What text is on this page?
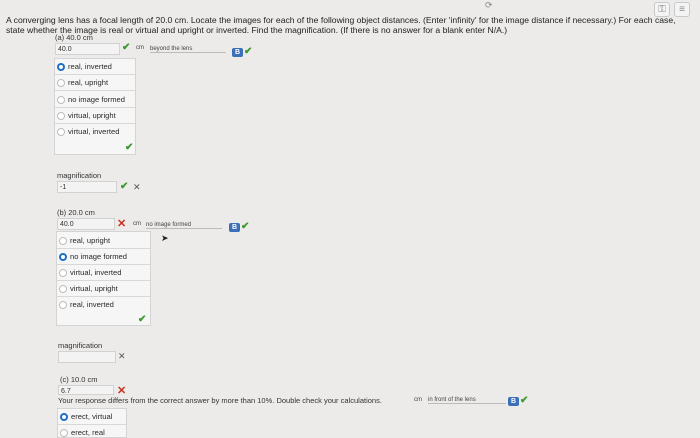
⟳	⚿	≡
A converging lens has a focal length of 20.0 cm. Locate the images for each of the following object distances. (Enter 'infinity' for the image distance if necessary.) For each case, state whether the image is real or virtual and upright or inverted. Find the magnification. (If there is no answer for a blank enter N/A.)
(a) 40.0 cm
40.0	✔ cm beyond the lens	B ✔
real, inverted
real, upright
no image formed
virtual, upright
virtual, inverted
✔
magnification
-1	✔ ✕
(b) 20.0 cm
40.0	✕ cm no image formed	B ✔
➤
real, upright
no image formed
virtual, inverted
virtual, upright
real, inverted
✔
magnification
✕
(c) 10.0 cm
6.7	✕
Your response differs from the correct answer by more than 10%. Double check your calculations.	cm in front of the lens	B ✔
erect, virtual
erect, real
